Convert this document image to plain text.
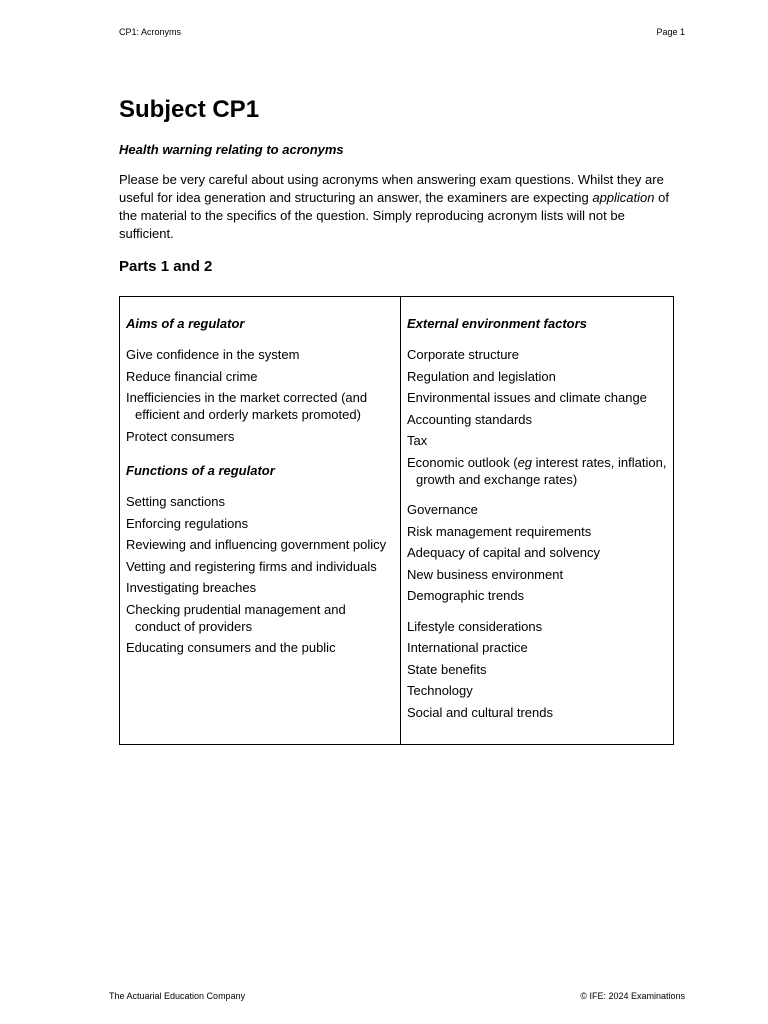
CP1: Acronyms	Page 1
Subject CP1
Health warning relating to acronyms

Please be very careful about using acronyms when answering exam questions. Whilst they are useful for idea generation and structuring an answer, the examiners are expecting application of the material to the specifics of the question. Simply reproducing acronym lists will not be sufficient.

Parts 1 and 2
Aims of a regulator
Give confidence in the system
Reduce financial crime
Inefficiencies in the market corrected (and efficient and orderly markets promoted)
Protect consumers
Functions of a regulator
Setting sanctions
Enforcing regulations
Reviewing and influencing government policy
Vetting and registering firms and individuals
Investigating breaches
Checking prudential management and conduct of providers
Educating consumers and the public
External environment factors
Corporate structure
Regulation and legislation
Environmental issues and climate change
Accounting standards
Tax
Economic outlook (eg interest rates, inflation, growth and exchange rates)
Governance
Risk management requirements
Adequacy of capital and solvency
New business environment
Demographic trends
Lifestyle considerations
International practice
State benefits
Technology
Social and cultural trends
The Actuarial Education Company	© IFE: 2024 Examinations
